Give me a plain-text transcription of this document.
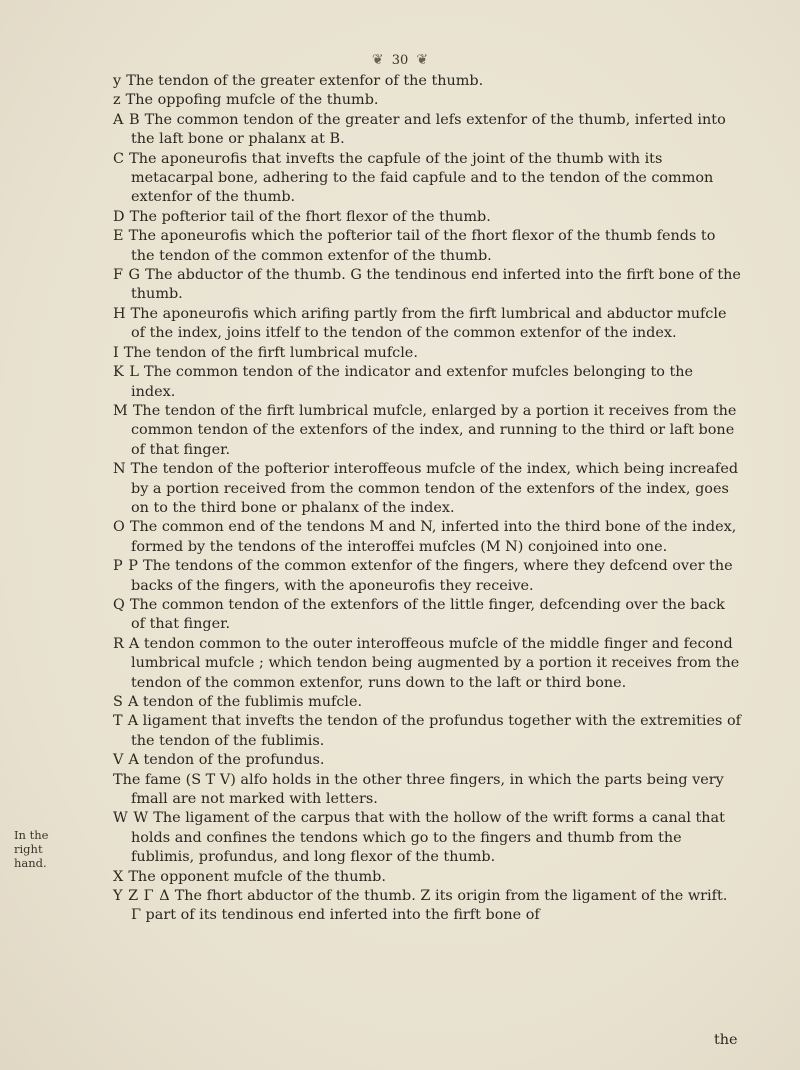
❦ 30 ❦
In the
right
hand.

y The tendon of the greater extenfor of the thumb.

z The oppofing mufcle of the thumb.

A B The common tendon of the greater and lefs extenfor of the thumb, inferted into the laft bone or phalanx at B.

C The aponeurofis that invefts the capfule of the joint of the thumb with its metacarpal bone, adhering to the faid capfule and to the tendon of the common extenfor of the thumb.

D The pofterior tail of the fhort flexor of the thumb.

E The aponeurofis which the pofterior tail of the fhort flexor of the thumb fends to the tendon of the common extenfor of the thumb.

F G The abductor of the thumb. G the tendinous end inferted into the firft bone of the thumb.

H The aponeurofis which arifing partly from the firft lumbrical and abductor mufcle of the index, joins itfelf to the tendon of the common extenfor of the index.

I The tendon of the firft lumbrical mufcle.

K L The common tendon of the indicator and extenfor mufcles belonging to the index.

M The tendon of the firft lumbrical mufcle, enlarged by a portion it receives from the common tendon of the extenfors of the index, and running to the third or laft bone of that finger.

N The tendon of the pofterior interoffeous mufcle of the index, which being increafed by a portion received from the common tendon of the extenfors of the index, goes on to the third bone or phalanx of the index.

O The common end of the tendons M and N, inferted into the third bone of the index, formed by the tendons of the interoffei mufcles (M N) conjoined into one.

P P The tendons of the common extenfor of the fingers, where they defcend over the backs of the fingers, with the aponeurofis they receive.

Q The common tendon of the extenfors of the little finger, defcending over the back of that finger.

R A tendon common to the outer interoffeous mufcle of the middle finger and fecond lumbrical mufcle ; which tendon being augmented by a portion it receives from the tendon of the common extenfor, runs down to the laft or third bone.

S A tendon of the fublimis mufcle.

T A ligament that invefts the tendon of the profundus together with the extremities of the tendon of the fublimis.

V A tendon of the profundus.

The fame (S T V) alfo holds in the other three fingers, in which the parts being very fmall are not marked with letters.

W W The ligament of the carpus that with the hollow of the wrift forms a canal that holds and confines the tendons which go to the fingers and thumb from the fublimis, profundus, and long flexor of the thumb.

X The opponent mufcle of the thumb.

Y Z Γ Δ The fhort abductor of the thumb. Z its origin from the ligament of the wrift. Γ part of its tendinous end inferted into the firft bone of

the
